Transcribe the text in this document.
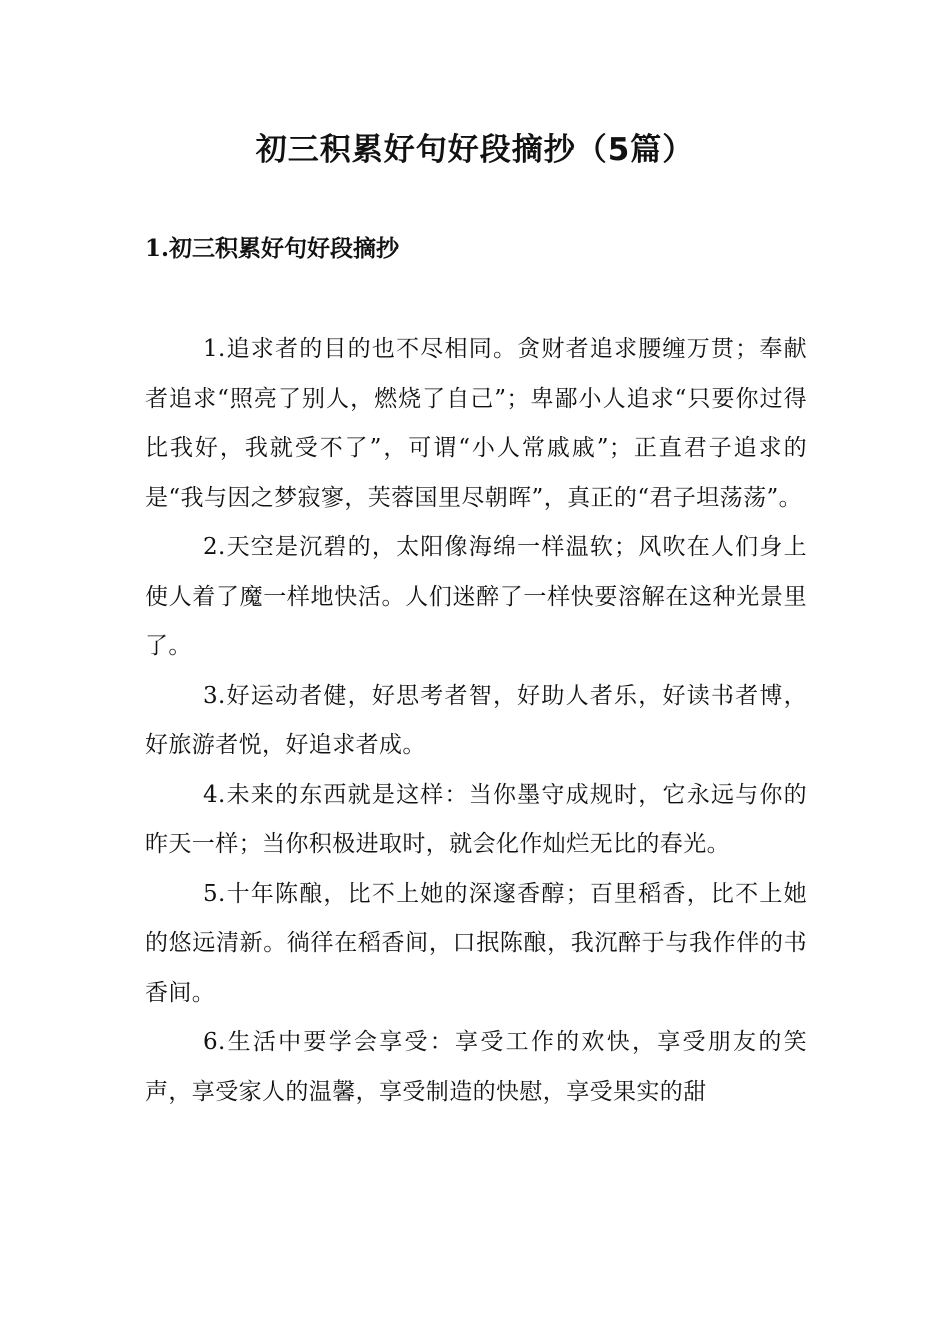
初三积累好句好段摘抄（5篇）
1.初三积累好句好段摘抄

1.追求者的目的也不尽相同。贪财者追求腰缠万贯；奉献者追求“照亮了别人，燃烧了自己”；卑鄙小人追求“只要你过得比我好，我就受不了”，可谓“小人常戚戚”；正直君子追求的是“我与因之梦寂寥，芙蓉国里尽朝晖”，真正的“君子坦荡荡”。

2.天空是沉碧的，太阳像海绵一样温软；风吹在人们身上使人着了魔一样地快活。人们迷醉了一样快要溶解在这种光景里了。

3.好运动者健，好思考者智，好助人者乐，好读书者博，好旅游者悦，好追求者成。

4.未来的东西就是这样：当你墨守成规时，它永远与你的昨天一样；当你积极进取时，就会化作灿烂无比的春光。

5.十年陈酿，比不上她的深邃香醇；百里稻香，比不上她的悠远清新。徜徉在稻香间，口抿陈酿，我沉醉于与我作伴的书香间。

6.生活中要学会享受：享受工作的欢快，享受朋友的笑声，享受家人的温馨，享受制造的快慰，享受果实的甜
